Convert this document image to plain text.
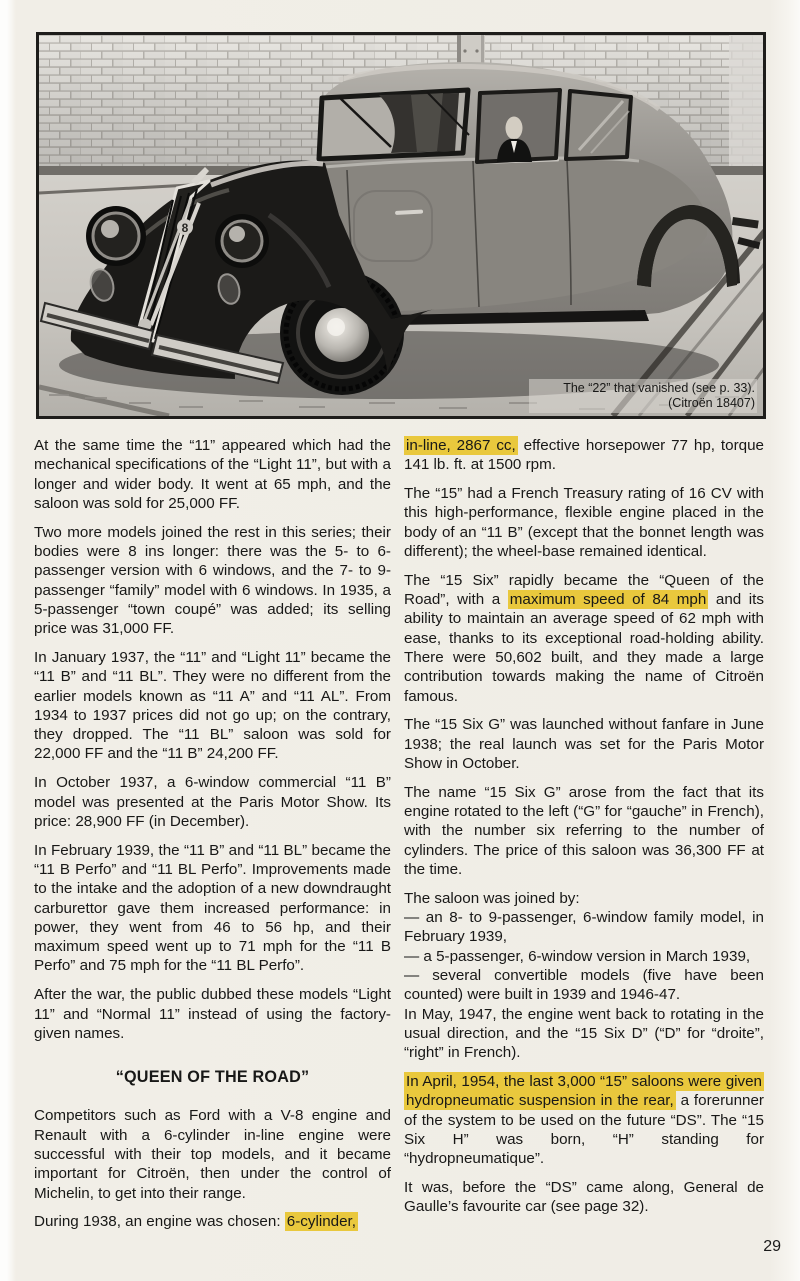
8
The “22” that vanished (see p. 33).
(Citroën 18407)

At the same time the “11” appeared which had the mechanical specifications of the “Light 11”, but with a longer and wider body. It went at 65 mph, and the saloon was sold for 25,000 FF.

Two more models joined the rest in this series; their bodies were 8 ins longer: there was the 5- to 6-passenger version with 6 windows, and the 7- to 9-passenger “family” model with 6 windows. In 1935, a 5-passenger “town coupé” was added; its selling price was 31,000 FF.

In January 1937, the “11” and “Light 11” became the “11 B” and “11 BL”. They were no different from the earlier models known as “11 A” and “11 AL”. From 1934 to 1937 prices did not go up; on the contrary, they dropped. The “11 BL” saloon was sold for 22,000 FF and the “11 B” 24,200 FF.

In October 1937, a 6-window commercial “11 B” model was presented at the Paris Motor Show. Its price: 28,900 FF (in December).

In February 1939, the “11 B” and “11 BL” became the “11 B Perfo” and “11 BL Perfo”. Improvements made to the intake and the adoption of a new downdraught carburettor gave them increased performance: in power, they went from 46 to 56 hp, and their maximum speed went up to 71 mph for the “11 B Perfo” and 75 mph for the “11 BL Perfo”.

After the war, the public dubbed these models “Light 11” and “Normal 11” instead of using the factory-given names.

“QUEEN OF THE ROAD”

Competitors such as Ford with a V-8 engine and Renault with a 6-cylinder in-line engine were successful with their top models, and it became important for Citroën, then under the control of Michelin, to get into their range.

During 1938, an engine was chosen: 6-cylinder,

in-line, 2867 cc, effective horsepower 77 hp, torque 141 lb. ft. at 1500 rpm.

The “15” had a French Treasury rating of 16 CV with this high-performance, flexible engine placed in the body of an “11 B” (except that the bonnet length was different); the wheel-base remained identical.

The “15 Six” rapidly became the “Queen of the Road”, with a maximum speed of 84 mph and its ability to maintain an average speed of 62 mph with ease, thanks to its exceptional road-holding ability. There were 50,602 built, and they made a large contribution towards making the name of Citroën famous.

The “15 Six G” was launched without fanfare in June 1938; the real launch was set for the Paris Motor Show in October.

The name “15 Six G” arose from the fact that its engine rotated to the left (“G” for “gauche” in French), with the number six referring to the number of cylinders. The price of this saloon was 36,300 FF at the time.

The saloon was joined by:
— an 8- to 9-passenger, 6-window family model, in February 1939,
— a 5-passenger, 6-window version in March 1939,
— several convertible models (five have been counted) were built in 1939 and 1946-47.
In May, 1947, the engine went back to rotating in the usual direction, and the “15 Six D” (“D” for “droite”, “right” in French).

In April, 1954, the last 3,000 “15” saloons were given hydropneumatic suspension in the rear, a forerunner of the system to be used on the future “DS”. The “15 Six H” was born, “H” standing for “hydropneumatique”.

It was, before the “DS” came along, General de Gaulle’s favourite car (see page 32).

29
